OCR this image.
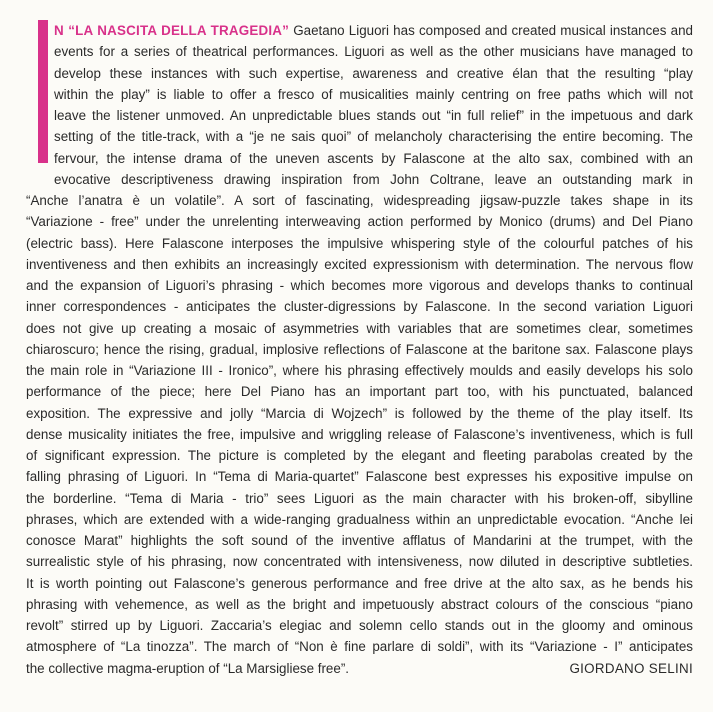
N “LA NASCITA DELLA TRAGEDIA” Gaetano Liguori has composed and created musical instances and
events for a series of theatrical performances. Liguori as well as the other musicians have managed to
develop these instances with such expertise, awareness and creative élan that the resulting “play
within the play” is liable to offer a fresco of musicalities mainly centring on free paths which will not
leave the listener unmoved. An unpredictable blues stands out “in full relief” in the impetuous and dark
setting of the title-track, with a “je ne sais quoi” of melancholy characterising the entire becoming. The
fervour, the intense drama of the uneven ascents by Falascone at the alto sax, combined with an
evocative descriptiveness drawing inspiration from John Coltrane, leave an outstanding mark in
“Anche l’anatra è un volatile”. A sort of fascinating, widespreading jigsaw-puzzle takes shape in its
“Variazione - free” under the unrelenting interweaving action performed by Monico (drums) and Del Piano
(electric bass). Here Falascone interposes the impulsive whispering style of the colourful patches of his
inventiveness and then exhibits an increasingly excited expressionism with determination. The nervous flow
and the expansion of Liguori’s phrasing - which becomes more vigorous and develops thanks to continual
inner correspondences - anticipates the cluster-digressions by Falascone. In the second variation Liguori
does not give up creating a mosaic of asymmetries with variables that are sometimes clear, sometimes
chiaroscuro; hence the rising, gradual, implosive reflections of Falascone at the baritone sax. Falascone plays
the main role in “Variazione III - Ironico”, where his phrasing effectively moulds and easily develops his solo
performance of the piece; here Del Piano has an important part too, with his punctuated, balanced
exposition. The expressive and jolly “Marcia di Wojzech” is followed by the theme of the play itself. Its
dense musicality initiates the free, impulsive and wriggling release of Falascone’s inventiveness, which is full
of significant expression. The picture is completed by the elegant and fleeting parabolas created by the
falling phrasing of Liguori. In “Tema di Maria-quartet” Falascone best expresses his expositive impulse on
the borderline. “Tema di Maria - trio” sees Liguori as the main character with his broken-off, sibylline
phrases, which are extended with a wide-ranging gradualness within an unpredictable evocation. “Anche lei
conosce Marat” highlights the soft sound of the inventive afflatus of Mandarini at the trumpet, with the
surrealistic style of his phrasing, now concentrated with intensiveness, now diluted in descriptive subtleties.
It is worth pointing out Falascone’s generous performance and free drive at the alto sax, as he bends his
phrasing with vehemence, as well as the bright and impetuously abstract colours of the conscious “piano
revolt” stirred up by Liguori. Zaccaria’s elegiac and solemn cello stands out in the gloomy and ominous
atmosphere of “La tinozza”. The march of “Non è fine parlare di soldi”, with its “Variazione - I” anticipates
the collective magma-eruption of “La Marsigliese free”.	GIORDANO SELINI
